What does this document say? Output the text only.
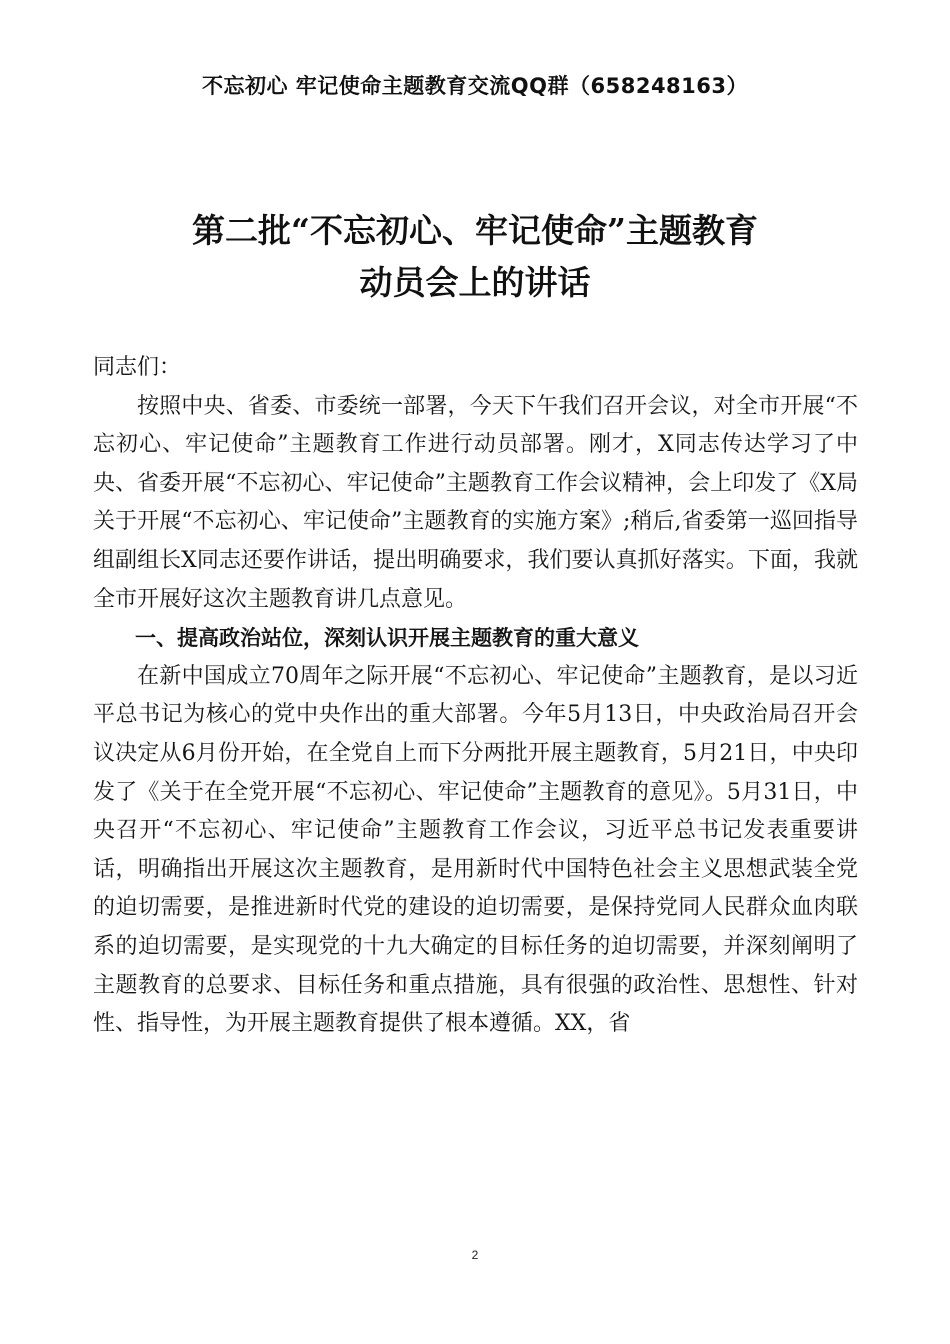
不忘初心 牢记使命主题教育交流QQ群（658248163）
第二批“不忘初心、牢记使命”主题教育
动员会上的讲话

同志们：

按照中央、省委、市委统一部署，今天下午我们召开会议，对全市开展“不忘初心、牢记使命”主题教育工作进行动员部署。刚才，X同志传达学习了中央、省委开展“不忘初心、牢记使命”主题教育工作会议精神，会上印发了《X局关于开展“不忘初心、牢记使命”主题教育的实施方案》;稍后,省委第一巡回指导组副组长X同志还要作讲话，提出明确要求，我们要认真抓好落实。下面，我就全市开展好这次主题教育讲几点意见。

一、提高政治站位，深刻认识开展主题教育的重大意义

在新中国成立70周年之际开展“不忘初心、牢记使命”主题教育，是以习近平总书记为核心的党中央作出的重大部署。今年5月13日，中央政治局召开会议决定从6月份开始，在全党自上而下分两批开展主题教育，5月21日，中央印发了《关于在全党开展“不忘初心、牢记使命”主题教育的意见》。5月31日，中央召开“不忘初心、牢记使命”主题教育工作会议，习近平总书记发表重要讲话，明确指出开展这次主题教育，是用新时代中国特色社会主义思想武装全党的迫切需要，是推进新时代党的建设的迫切需要，是保持党同人民群众血肉联系的迫切需要，是实现党的十九大确定的目标任务的迫切需要，并深刻阐明了主题教育的总要求、目标任务和重点措施，具有很强的政治性、思想性、针对性、指导性，为开展主题教育提供了根本遵循。XX，省

2
